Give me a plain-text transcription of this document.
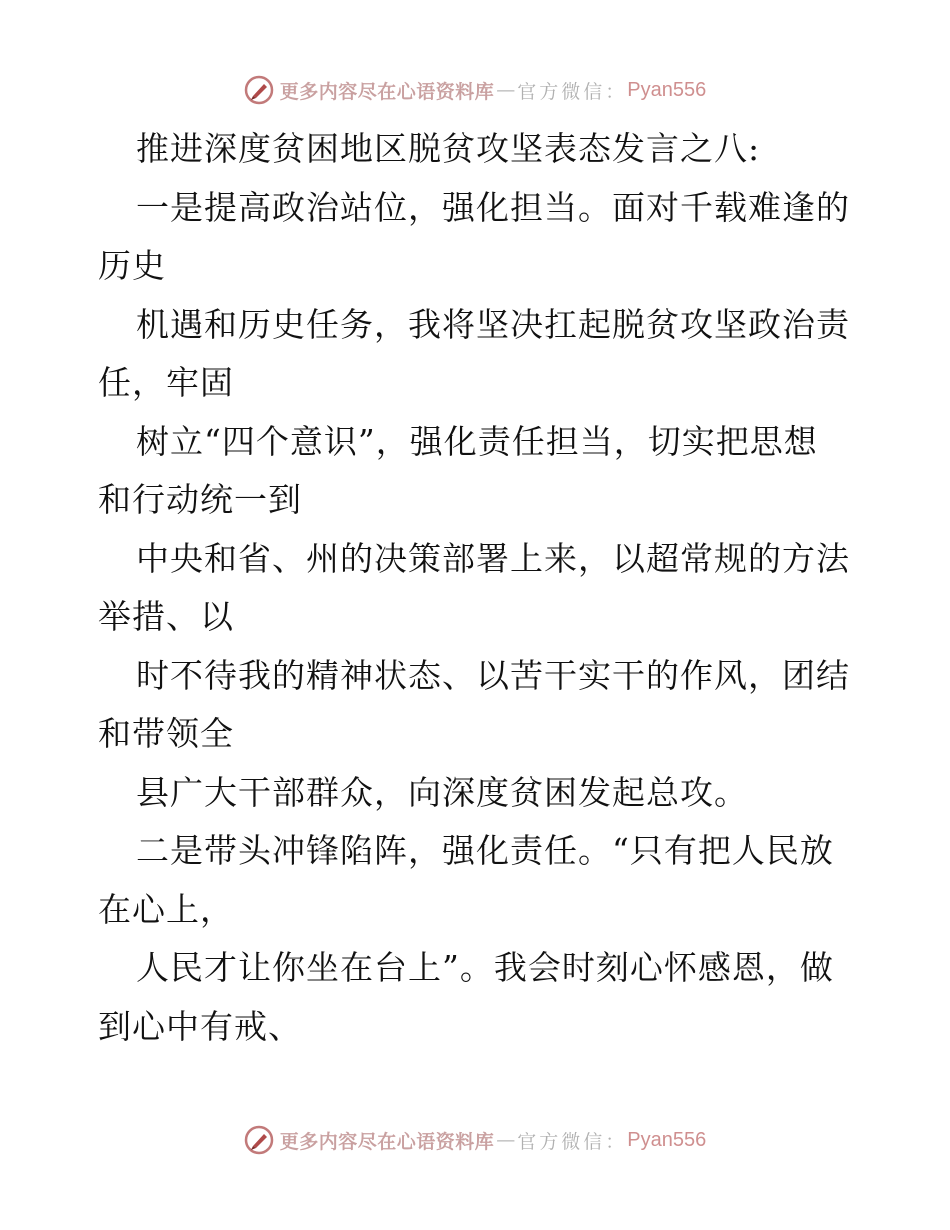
更多内容尽在心语资料库 — 官方微信： Pyan556
推进深度贫困地区脱贫攻坚表态发言之八:
一是提高政治站位，强化担当。面对千载难逢的
历史
机遇和历史任务，我将坚决扛起脱贫攻坚政治责
任，牢固
树立“四个意识”，强化责任担当，切实把思想
和行动统一到
中央和省、州的决策部署上来，以超常规的方法
举措、以
时不待我的精神状态、以苦干实干的作风，团结
和带领全
县广大干部群众，向深度贫困发起总攻。
二是带头冲锋陷阵，强化责任。“只有把人民放
在心上，
人民才让你坐在台上”。我会时刻心怀感恩，做
到心中有戒、
更多内容尽在心语资料库 — 官方微信： Pyan556
